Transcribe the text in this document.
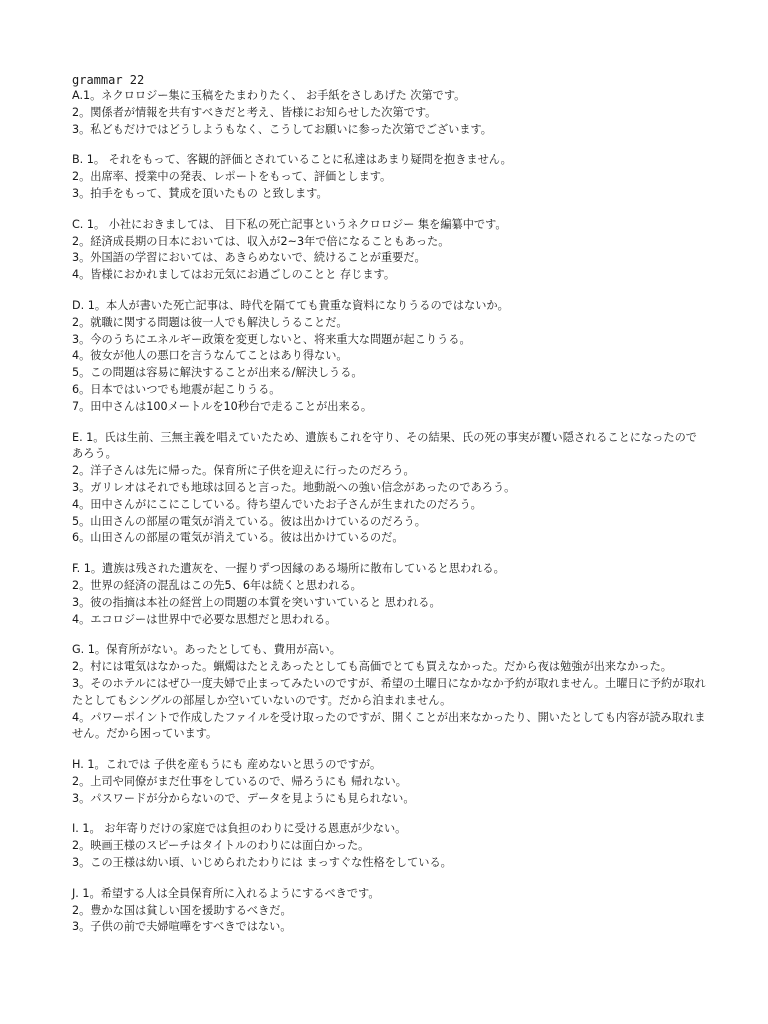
grammar 22

A.1。ネクロロジー集に玉稿をたまわりたく、 お手紙をさしあげた 次第です。

2。関係者が情報を共有すべきだと考え、皆様にお知らせした次第です。

3。私どもだけではどうしようもなく、こうしてお願いに参った次第でございます。

B. 1。 それをもって、客観的評価とされていることに私達はあまり疑問を抱きません。

2。出席率、授業中の発表、レポートをもって、評価とします。

3。拍手をもって、賛成を頂いたもの と致します。

C. 1。 小社におきましては、 目下私の死亡記事というネクロロジー 集を編纂中です。

2。経済成長期の日本においては、収入が2~3年で倍になることもあった。

3。外国語の学習においては、あきらめないで、続けることが重要だ。

4。皆様におかれましてはお元気にお過ごしのことと 存じます。

D. 1。本人が書いた死亡記事は、時代を隔てても貴重な資料になりうるのではないか。

2。就職に関する問題は彼一人でも解決しうることだ。

3。今のうちにエネルギー政策を変更しないと、将来重大な問題が起こりうる。

4。彼女が他人の悪口を言うなんてことはあり得ない。

5。この問題は容易に解決することが出来る/解決しうる。

6。日本ではいつでも地震が起こりうる。

7。田中さんは100メートルを10秒台で走ることが出来る。

E. 1。氏は生前、三無主義を唱えていたため、遺族もこれを守り、その結果、氏の死の事実が覆い隠されることになったのであろう。

2。洋子さんは先に帰った。保育所に子供を迎えに行ったのだろう。

3。ガリレオはそれでも地球は回ると言った。地動説への強い信念があったのであろう。

4。田中さんがにこにこしている。待ち望んでいたお子さんが生まれたのだろう。

5。山田さんの部屋の電気が消えている。彼は出かけているのだろう。

6。山田さんの部屋の電気が消えている。彼は出かけているのだ。

F. 1。遺族は残された遺灰を、一握りずつ因縁のある場所に散布していると思われる。

2。世界の経済の混乱はこの先5、6年は続くと思われる。

3。彼の指摘は本社の経営上の問題の本質を突いすいていると 思われる。

4。エコロジーは世界中で必要な思想だと思われる。

G. 1。保育所がない。あったとしても、費用が高い。

2。村には電気はなかった。蝋燭はたとえあったとしても高価でとても買えなかった。だから夜は勉強が出来なかった。

3。そのホテルにはぜひ一度夫婦で止まってみたいのですが、希望の土曜日になかなか予約が取れません。土曜日に予約が取れたとしてもシングルの部屋しか空いていないのです。だから泊まれません。

4。パワーポイントで作成したファイルを受け取ったのですが、開くことが出来なかったり、開いたとしても内容が読み取れません。だから困っています。

H. 1。これでは 子供を産もうにも 産めないと思うのですが。

2。上司や同僚がまだ仕事をしているので、帰ろうにも 帰れない。

3。パスワードが分からないので、データを見ようにも見られない。

I. 1。 お年寄りだけの家庭では負担のわりに受ける恩恵が少ない。

2。映画王様のスピーチはタイトルのわりには面白かった。

3。この王様は幼い頃、いじめられたわりには まっすぐな性格をしている。

J. 1。希望する人は全員保育所に入れるようにするべきです。

2。豊かな国は貧しい国を援助するべきだ。

3。子供の前で夫婦喧嘩をすべきではない。
